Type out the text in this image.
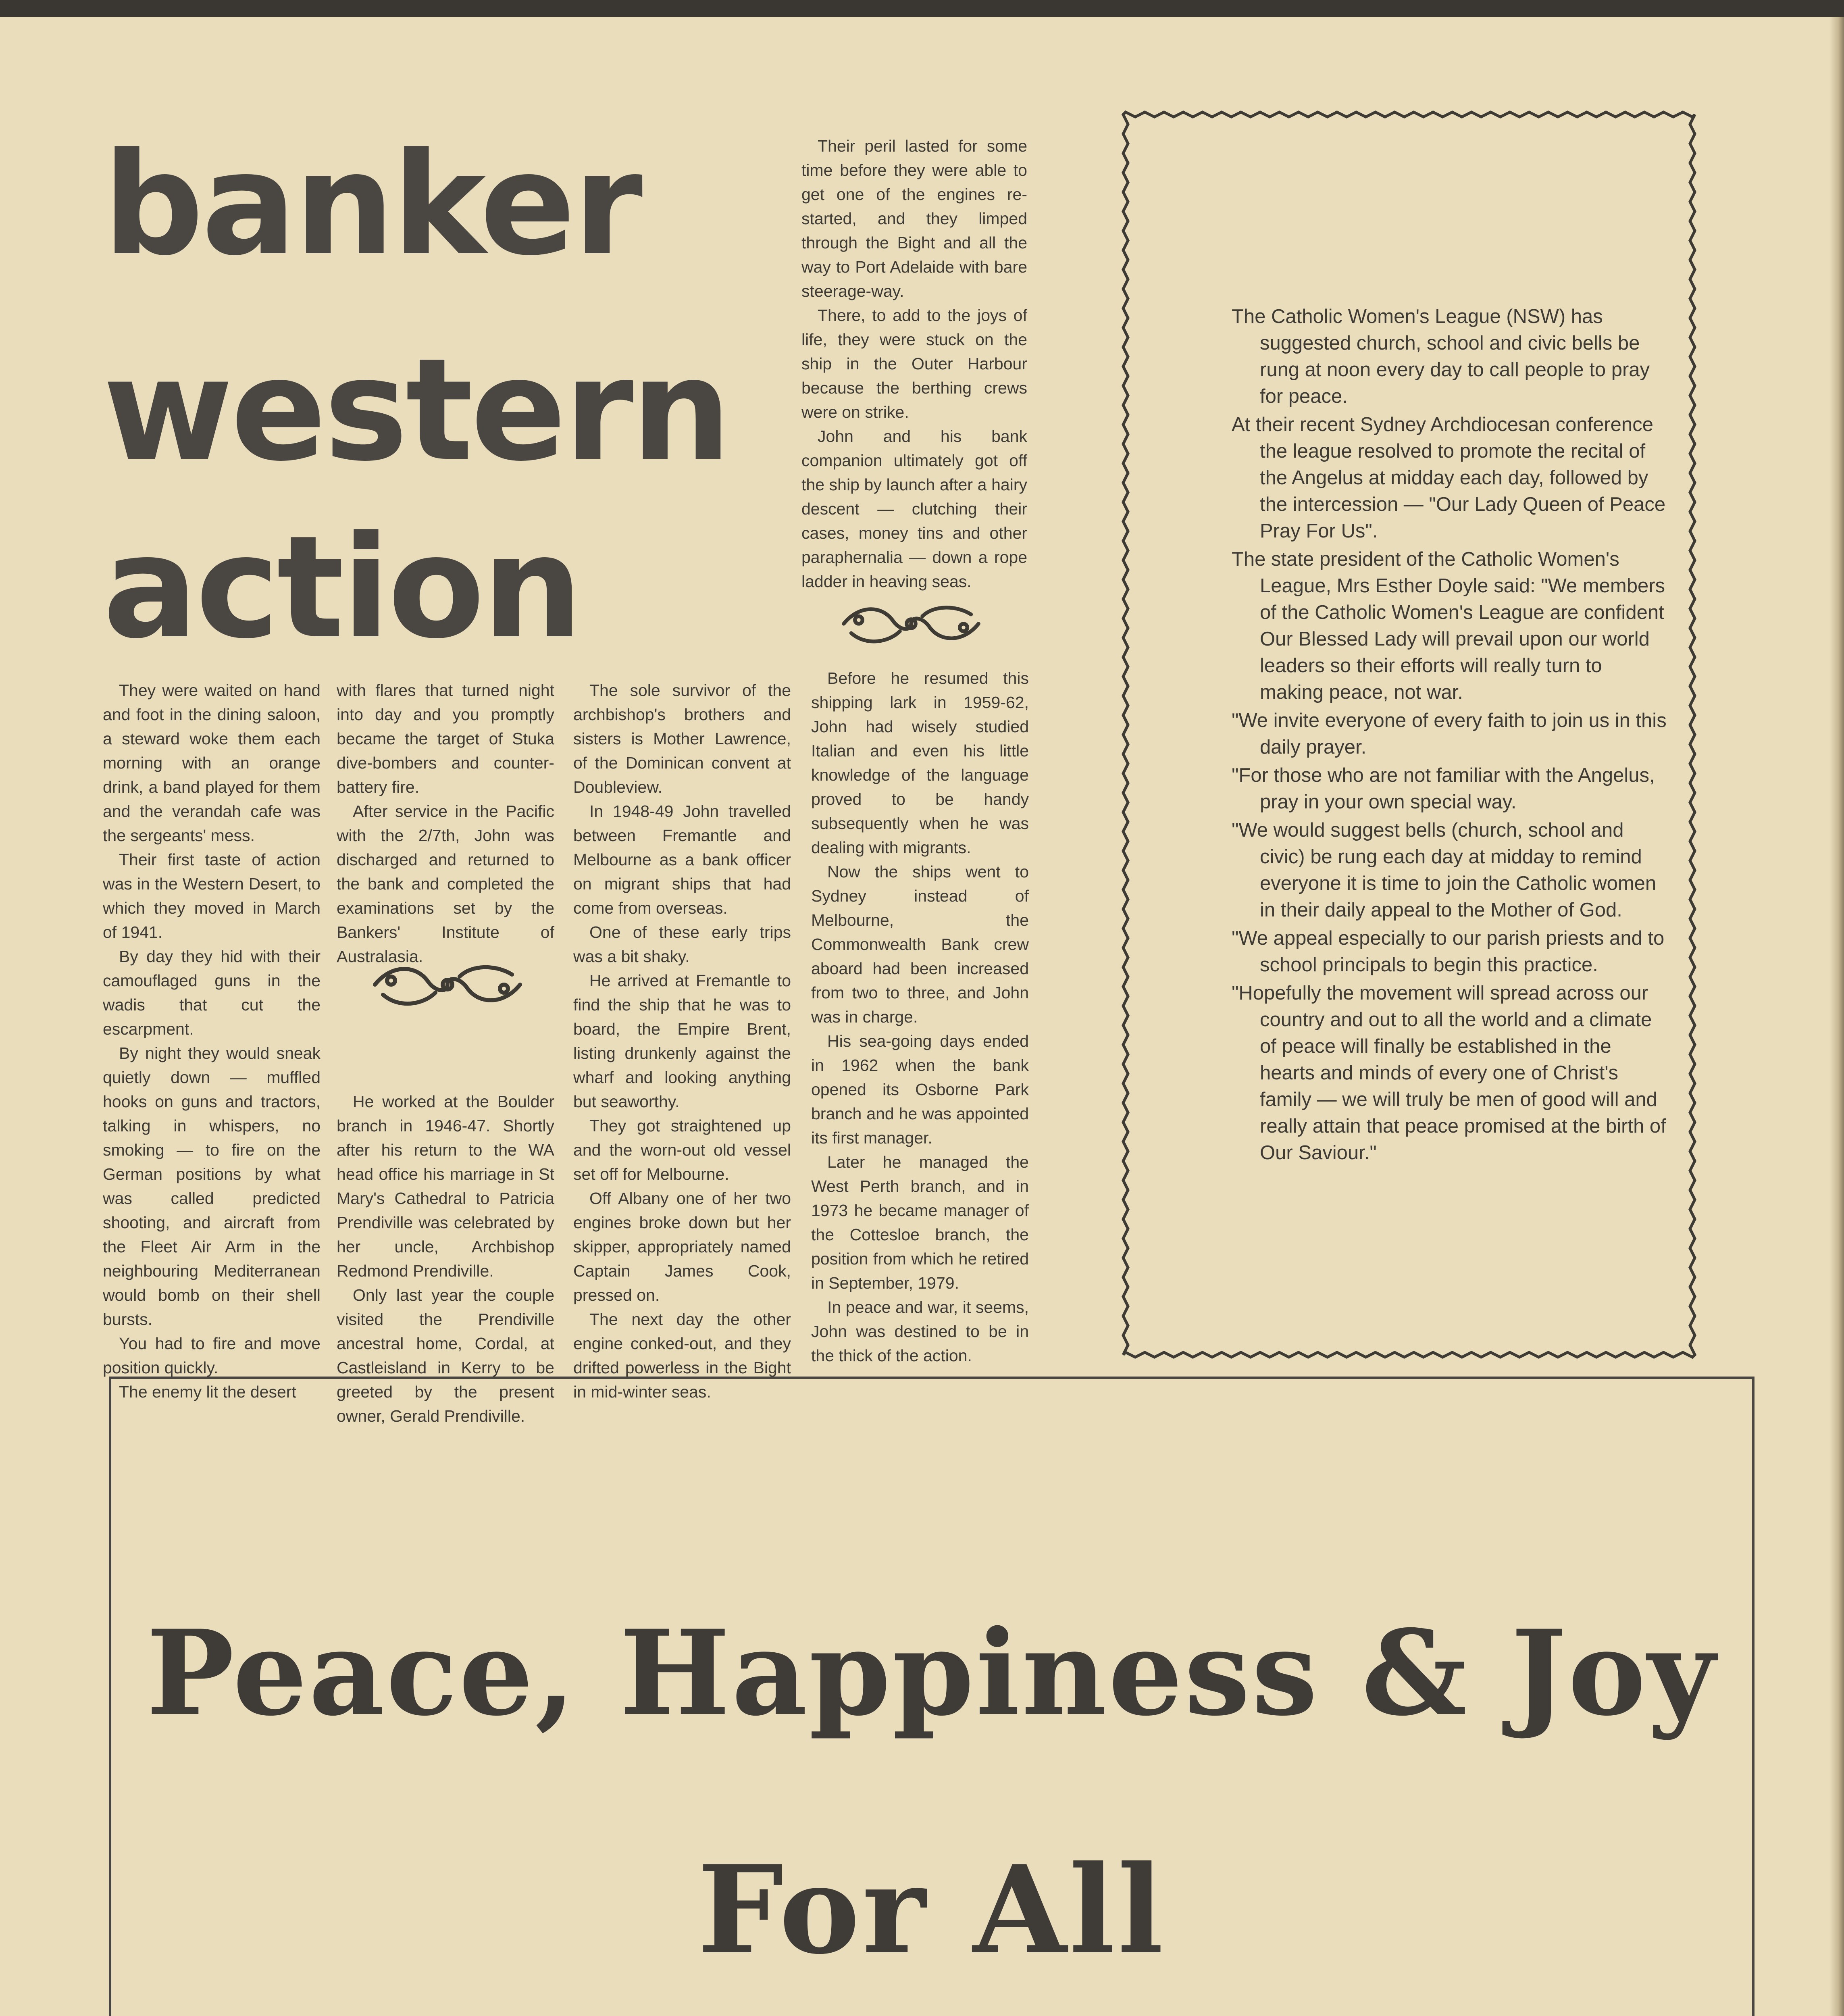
banker
western
action

They were waited on hand and foot in the dining saloon, a steward woke them each morning with an orange drink, a band played for them and the verandah cafe was the sergeants' mess.

Their first taste of action was in the Western Desert, to which they moved in March of 1941.

By day they hid with their camouflaged guns in the wadis that cut the escarpment.

By night they would sneak quietly down — muffled hooks on guns and tractors, talking in whispers, no smoking — to fire on the German positions by what was called predicted shooting, and aircraft from the Fleet Air Arm in the neighbouring Mediterranean would bomb on their shell bursts.

You had to fire and move position quickly.

The enemy lit the desert

with flares that turned night into day and you promptly became the target of Stuka dive-bombers and counter-battery fire.

After service in the Pacific with the 2/7th, John was discharged and returned to the bank and completed the examinations set by the Bankers' Institute of Australasia.

He worked at the Boulder branch in 1946-47. Shortly after his return to the WA head office his marriage in St Mary's Cathedral to Patricia Prendiville was celebrated by her uncle, Archbishop Redmond Prendiville.

Only last year the couple visited the Prendiville ancestral home, Cordal, at Castleisland in Kerry to be greeted by the present owner, Gerald Prendiville.

The sole survivor of the archbishop's brothers and sisters is Mother Lawrence, of the Dominican convent at Doubleview.

In 1948-49 John travelled between Fremantle and Melbourne as a bank officer on migrant ships that had come from overseas.

One of these early trips was a bit shaky.

He arrived at Fremantle to find the ship that he was to board, the Empire Brent, listing drunkenly against the wharf and looking anything but seaworthy.

They got straightened up and the worn-out old vessel set off for Melbourne.

Off Albany one of her two engines broke down but her skipper, appropriately named Captain James Cook, pressed on.

The next day the other engine conked-out, and they drifted powerless in the Bight in mid-winter seas.

Their peril lasted for some time before they were able to get one of the engines re-started, and they limped through the Bight and all the way to Port Adelaide with bare steerage-way.

There, to add to the joys of life, they were stuck on the ship in the Outer Harbour because the berthing crews were on strike.

John and his bank companion ultimately got off the ship by launch after a hairy descent — clutching their cases, money tins and other paraphernalia — down a rope ladder in heaving seas.

Before he resumed this shipping lark in 1959-62, John had wisely studied Italian and even his little knowledge of the language proved to be handy subsequently when he was dealing with migrants.

Now the ships went to Sydney instead of Melbourne, the Commonwealth Bank crew aboard had been increased from two to three, and John was in charge.

His sea-going days ended in 1962 when the bank opened its Osborne Park branch and he was appointed its first manager.

Later he managed the West Perth branch, and in 1973 he became manager of the Cottesloe branch, the position from which he retired in September, 1979.

In peace and war, it seems, John was destined to be in the thick of the action.

The Catholic Women's League (NSW) has suggested church, school and civic bells be rung at noon every day to call people to pray for peace.

At their recent Sydney Archdiocesan conference the league resolved to promote the recital of the Angelus at midday each day, followed by the intercession — "Our Lady Queen of Peace Pray For Us".

The state president of the Catholic Women's League, Mrs Esther Doyle said: "We members of the Catholic Women's League are confident Our Blessed Lady will prevail upon our world leaders so their efforts will really turn to making peace, not war.

"We invite everyone of every faith to join us in this daily prayer.

"For those who are not familiar with the Angelus, pray in your own special way.

"We would suggest bells (church, school and civic) be rung each day at midday to remind everyone it is time to join the Catholic women in their daily appeal to the Mother of God.

"We appeal especially to our parish priests and to school principals to begin this practice.

"Hopefully the movement will spread across our country and out to all the world and a climate of peace will finally be established in the hearts and minds of every one of Christ's family — we will truly be men of good will and really attain that peace promised at the birth of Our Saviour."

Peace, Happiness & Joy
For All
